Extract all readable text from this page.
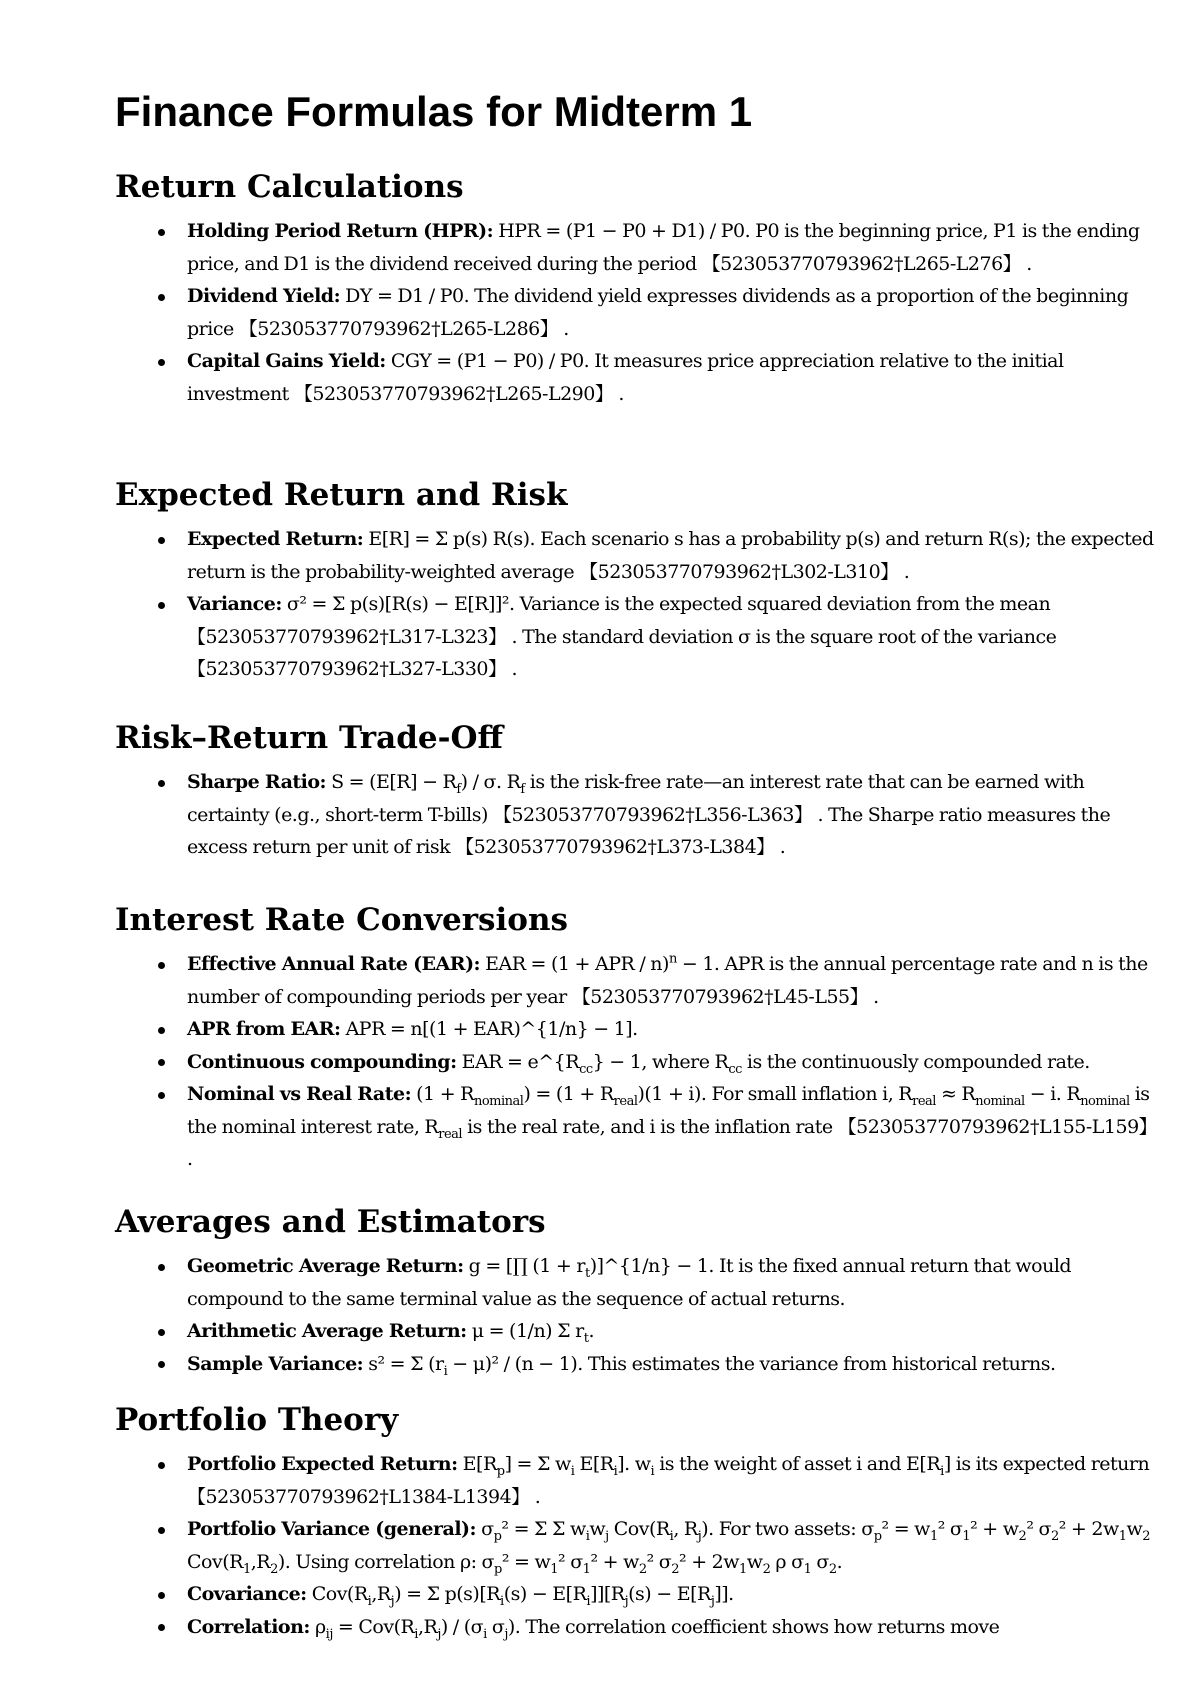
Finance Formulas for Midterm 1
Return Calculations
Holding Period Return (HPR): HPR = (P1 − P0 + D1) / P0. P0 is the beginning price, P1 is the ending price, and D1 is the dividend received during the period 【523053770793962†L265-L276】 .
Dividend Yield: DY = D1 / P0. The dividend yield expresses dividends as a proportion of the beginning price 【523053770793962†L265-L286】 .
Capital Gains Yield: CGY = (P1 − P0) / P0. It measures price appreciation relative to the initial investment 【523053770793962†L265-L290】 .
Expected Return and Risk
Expected Return: E[R] = Σ p(s) R(s). Each scenario s has a probability p(s) and return R(s); the expected return is the probability-weighted average 【523053770793962†L302-L310】 .
Variance: σ² = Σ p(s)[R(s) − E[R]]². Variance is the expected squared deviation from the mean 【523053770793962†L317-L323】 . The standard deviation σ is the square root of the variance 【523053770793962†L327-L330】 .
Risk–Return Trade-Off
Sharpe Ratio: $S = (E[R] - R_f) / \sigma$. $R_f$ is the risk-free rate—an interest rate that can be earned with certainty (e.g., short-term T-bills) 【523053770793962†L356-L363】 . The Sharpe ratio measures the excess return per unit of risk 【523053770793962†L373-L384】 .
Interest Rate Conversions
Effective Annual Rate (EAR): EAR = (1 + APR / n)$^n$ − 1. APR is the annual percentage rate and n is the number of compounding periods per year 【523053770793962†L45-L55】 .
APR from EAR: APR = n[(1 + EAR)^{1/n} − 1].
Continuous compounding: EAR = $e\^{}\{R_{cc}\} - 1$, where $R_{cc}$ is the continuously compounded rate.
Nominal vs Real Rate: $(1 + R_{nominal}) = (1 + R_{real})(1 + i)$. For small inflation i, $R_{real} \approx R_{nominal} - i$. $R_{nominal}$ is the nominal interest rate, $R_{real}$ is the real rate, and i is the inflation rate 【523053770793962†L155-L159】 .
Averages and Estimators
Geometric Average Return: g = [∏ $(1 + r_t)]\^{}\{1/n\} - 1$. It is the fixed annual return that would compound to the same terminal value as the sequence of actual returns.
Arithmetic Average Return: μ = (1/n) Σ $r_t$.
Sample Variance: s² = Σ $(r_i - \mu)^2 / (n - 1)$. This estimates the variance from historical returns.
Portfolio Theory
Portfolio Expected Return: $E[R_p] = \Sigma$ $w_i$ $E[R_i]$. $w_i$ is the weight of asset i and $E[R_i]$ is its expected return 【523053770793962†L1384-L1394】 .
Portfolio Variance (general): $\sigma_p^2 = \Sigma$ Σ $w_iw_j$ $Cov(R_i$, $R_j$). For two assets: $\sigma_p^2 = w_1^2$ $\sigma_1^2 + w_2^2$ $\sigma_2^2 + 2w_1w_2$ $Cov(R_1,R_2)$. Using correlation ρ: $\sigma_p^2 = w_1^2$ $\sigma_1^2 + w_2^2$ $\sigma_2^2 + 2w_1w_2$ ρ $\sigma_1$ $\sigma_2$.
Covariance: $Cov(R_i,R_j) = \Sigma$ $p(s)[R_i(s) - E[R_i]][R_j(s) - E[R_j]]$.
Correlation: $\rho_{ij} = Cov(R_i,R_j) / (\sigma_i$ $\sigma_j$). The correlation coefficient shows how returns move
